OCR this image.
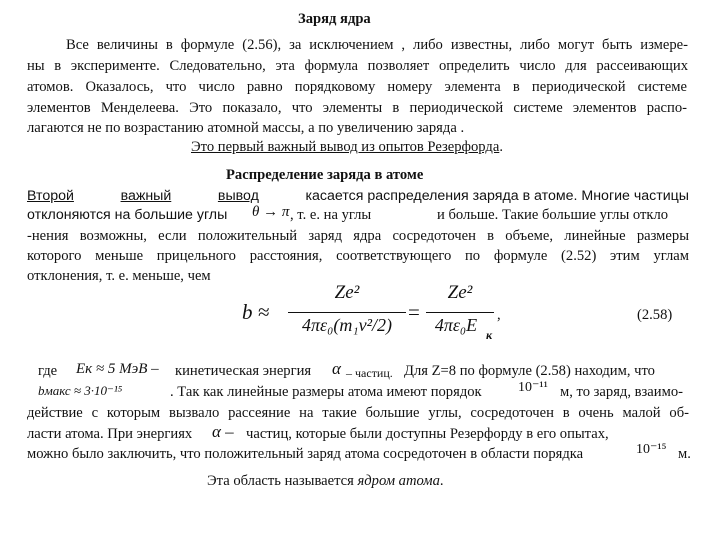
Заряд ядра
Все величины в формуле (2.56), за исключением , либо известны, либо могут быть измере-
ны в эксперименте. Следовательно, эта формула позволяет определить число для рассеивающих
атомов. Оказалось, что число равно порядковому номеру элемента в периодической системе
элементов Менделеева. Это показало, что элементы в периодической системе элементов распо-
лагаются не по возрастанию атомной массы, а по увеличению заряда .
Это первый важный вывод из опытов Резерфорда.
Распределение заряда в атоме
Второй	важный	вывод	касается распределения заряда в атоме. Многие частицы
отклоняются на большие углы θ → π , т. е. на углы	и больше. Такие большие углы откло
-нения возможны, если положительный заряд ядра сосредоточен в объеме, линейные размеры
которого меньше прицельного расстояния, соответствующего по формуле (2.52) этим углам
отклонения, т. е. меньше, чем
b ≈
Ze²
4πε₀(m₁v²/2)
=
Ze²
4πε₀E к
,	(2.58)
где Eк ≈ 5 МэВ – кинетическая энергия α – частиц. Для Z=8 по формуле (2.58) находим, что
bмакс ≈ 3·10⁻¹⁵	. Так как линейные размеры атома имеют порядок	10⁻¹¹ м, то заряд, взаимо-
действие с которым вызвало рассеяние на такие большие углы, сосредоточен в очень малой об-
ласти атома. При энергиях α – частиц, которые были доступны Резерфорду в его опытах,
можно было заключить, что положительный заряд атома сосредоточен в области порядка	10⁻¹⁵ м.
Эта область называется ядром атома.
